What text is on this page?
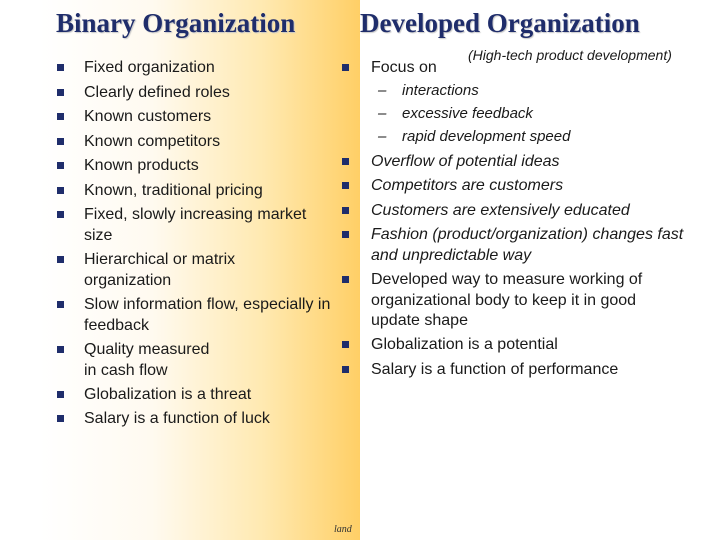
Binary Organization Developed Organization
(High-tech product development)
Fixed organization
Clearly defined roles
Known customers
Known competitors
Known products
Known, traditional pricing
Fixed, slowly increasing market size
Hierarchical or matrix organization
Slow information flow, especially in feedback
Quality measured in cash flow
Globalization is a threat
Salary is a function of luck
Focus on
– interactions
– excessive feedback
– rapid development speed
Overflow of potential ideas
Competitors are customers
Customers are extensively educated
Fashion (product/organization) changes fast and unpredictable way
Developed way to measure working of organizational body to keep it in good update shape
Globalization is a potential
Salary is a function of performance
land
